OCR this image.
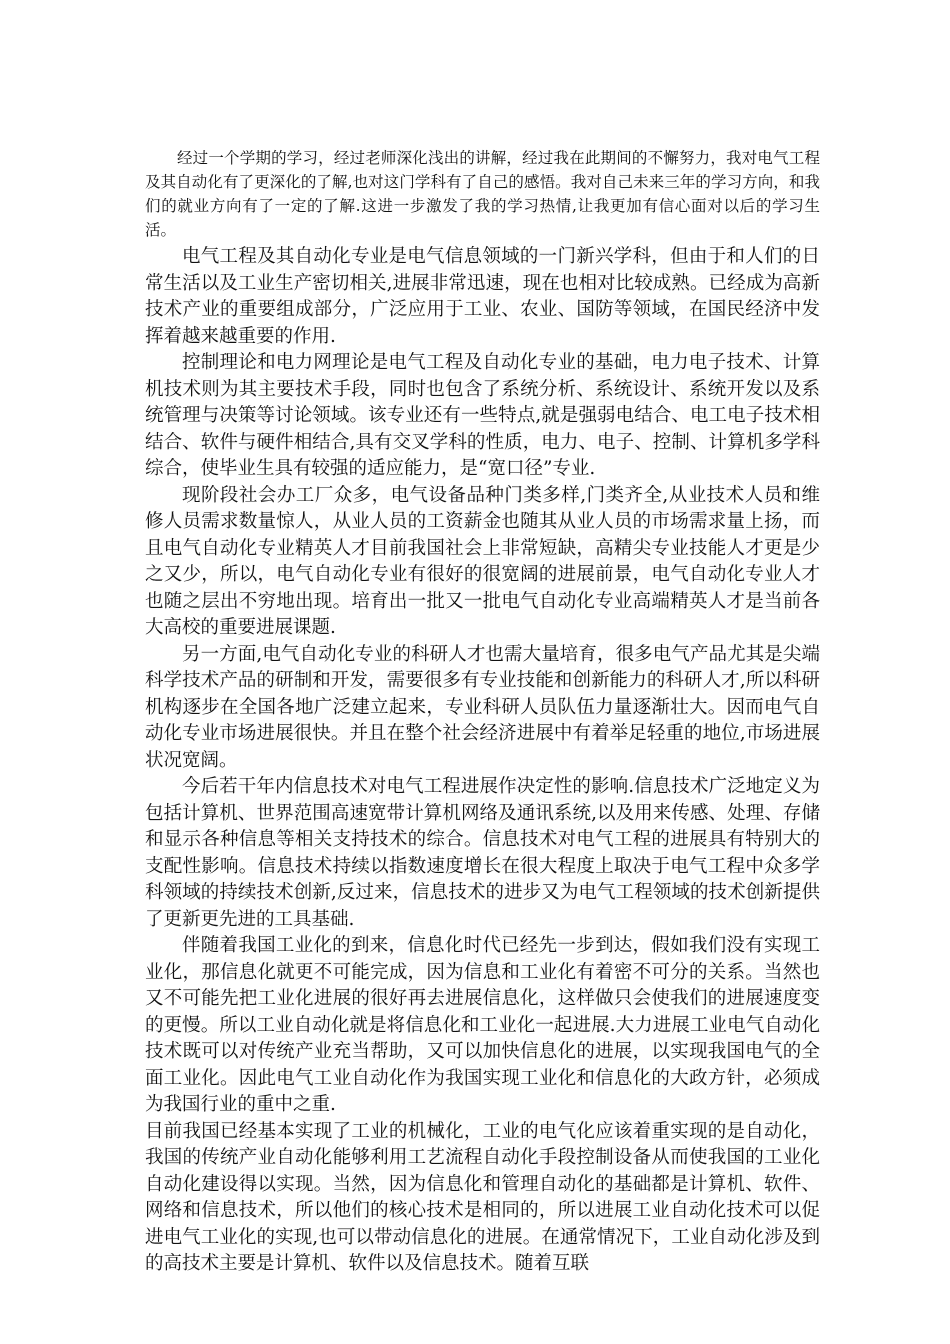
经过一个学期的学习，经过老师深化浅出的讲解，经过我在此期间的不懈努力，我对电气工程及其自动化有了更深化的了解,也对这门学科有了自己的感悟。我对自己未来三年的学习方向，和我们的就业方向有了一定的了解.这进一步激发了我的学习热情,让我更加有信心面对以后的学习生活。

电气工程及其自动化专业是电气信息领域的一门新兴学科，但由于和人们的日常生活以及工业生产密切相关,进展非常迅速，现在也相对比较成熟。已经成为高新技术产业的重要组成部分，广泛应用于工业、农业、国防等领域，在国民经济中发挥着越来越重要的作用.

控制理论和电力网理论是电气工程及自动化专业的基础，电力电子技术、计算机技术则为其主要技术手段，同时也包含了系统分析、系统设计、系统开发以及系统管理与决策等讨论领域。该专业还有一些特点,就是强弱电结合、电工电子技术相结合、软件与硬件相结合,具有交叉学科的性质，电力、电子、控制、计算机多学科综合，使毕业生具有较强的适应能力，是“宽口径”专业.

现阶段社会办工厂众多，电气设备品种门类多样,门类齐全,从业技术人员和维修人员需求数量惊人，从业人员的工资薪金也随其从业人员的市场需求量上扬，而且电气自动化专业精英人才目前我国社会上非常短缺，高精尖专业技能人才更是少之又少，所以，电气自动化专业有很好的很宽阔的进展前景，电气自动化专业人才也随之层出不穷地出现。培育出一批又一批电气自动化专业高端精英人才是当前各大高校的重要进展课题.

另一方面,电气自动化专业的科研人才也需大量培育，很多电气产品尤其是尖端科学技术产品的研制和开发，需要很多有专业技能和创新能力的科研人才,所以科研机构逐步在全国各地广泛建立起来，专业科研人员队伍力量逐渐壮大。因而电气自动化专业市场进展很快。并且在整个社会经济进展中有着举足轻重的地位,市场进展状况宽阔。

今后若干年内信息技术对电气工程进展作决定性的影响.信息技术广泛地定义为包括计算机、世界范围高速宽带计算机网络及通讯系统,以及用来传感、处理、存储和显示各种信息等相关支持技术的综合。信息技术对电气工程的进展具有特别大的支配性影响。信息技术持续以指数速度增长在很大程度上取决于电气工程中众多学科领域的持续技术创新,反过来，信息技术的进步又为电气工程领域的技术创新提供了更新更先进的工具基础.

伴随着我国工业化的到来，信息化时代已经先一步到达，假如我们没有实现工业化，那信息化就更不可能完成，因为信息和工业化有着密不可分的关系。当然也又不可能先把工业化进展的很好再去进展信息化，这样做只会使我们的进展速度变的更慢。所以工业自动化就是将信息化和工业化一起进展.大力进展工业电气自动化技术既可以对传统产业充当帮助，又可以加快信息化的进展，以实现我国电气的全面工业化。因此电气工业自动化作为我国实现工业化和信息化的大政方针，必须成为我国行业的重中之重.

目前我国已经基本实现了工业的机械化，工业的电气化应该着重实现的是自动化，我国的传统产业自动化能够利用工艺流程自动化手段控制设备从而使我国的工业化自动化建设得以实现。当然，因为信息化和管理自动化的基础都是计算机、软件、网络和信息技术，所以他们的核心技术是相同的，所以进展工业自动化技术可以促进电气工业化的实现,也可以带动信息化的进展。在通常情况下，工业自动化涉及到的高技术主要是计算机、软件以及信息技术。随着互联
